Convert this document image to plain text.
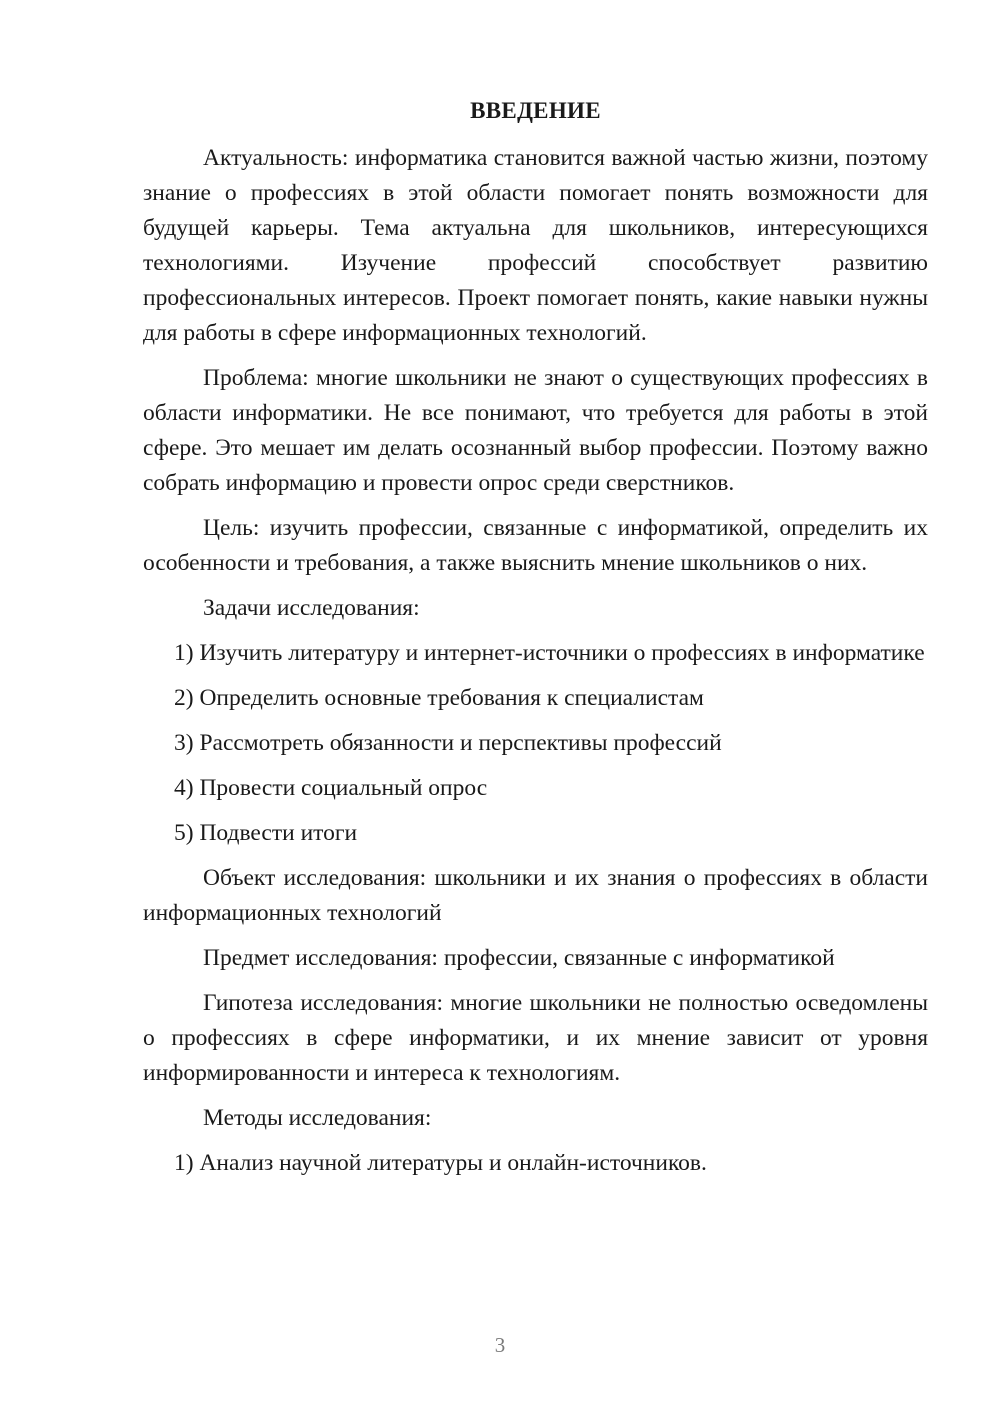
ВВЕДЕНИЕ

Актуальность: информатика становится важной частью жизни, поэтому знание о профессиях в этой области помогает понять возможности для будущей карьеры. Тема актуальна для школьников, интересующихся технологиями. Изучение профессий способствует развитию профессиональных интересов. Проект помогает понять, какие навыки нужны для работы в сфере информационных технологий.

Проблема: многие школьники не знают о существующих профессиях в области информатики. Не все понимают, что требуется для работы в этой сфере. Это мешает им делать осознанный выбор профессии. Поэтому важно собрать информацию и провести опрос среди сверстников.

Цель: изучить профессии, связанные с информатикой, определить их особенности и требования, а также выяснить мнение школьников о них.

Задачи исследования:

1) Изучить литературу и интернет-источники о профессиях в информатике

2) Определить основные требования к специалистам

3) Рассмотреть обязанности и перспективы профессий

4) Провести социальный опрос

5) Подвести итоги

Объект исследования: школьники и их знания о профессиях в области информационных технологий

Предмет исследования: профессии, связанные с информатикой

Гипотеза исследования: многие школьники не полностью осведомлены о профессиях в сфере информатики, и их мнение зависит от уровня информированности и интереса к технологиям.

Методы исследования:

1) Анализ научной литературы и онлайн-источников.

3
